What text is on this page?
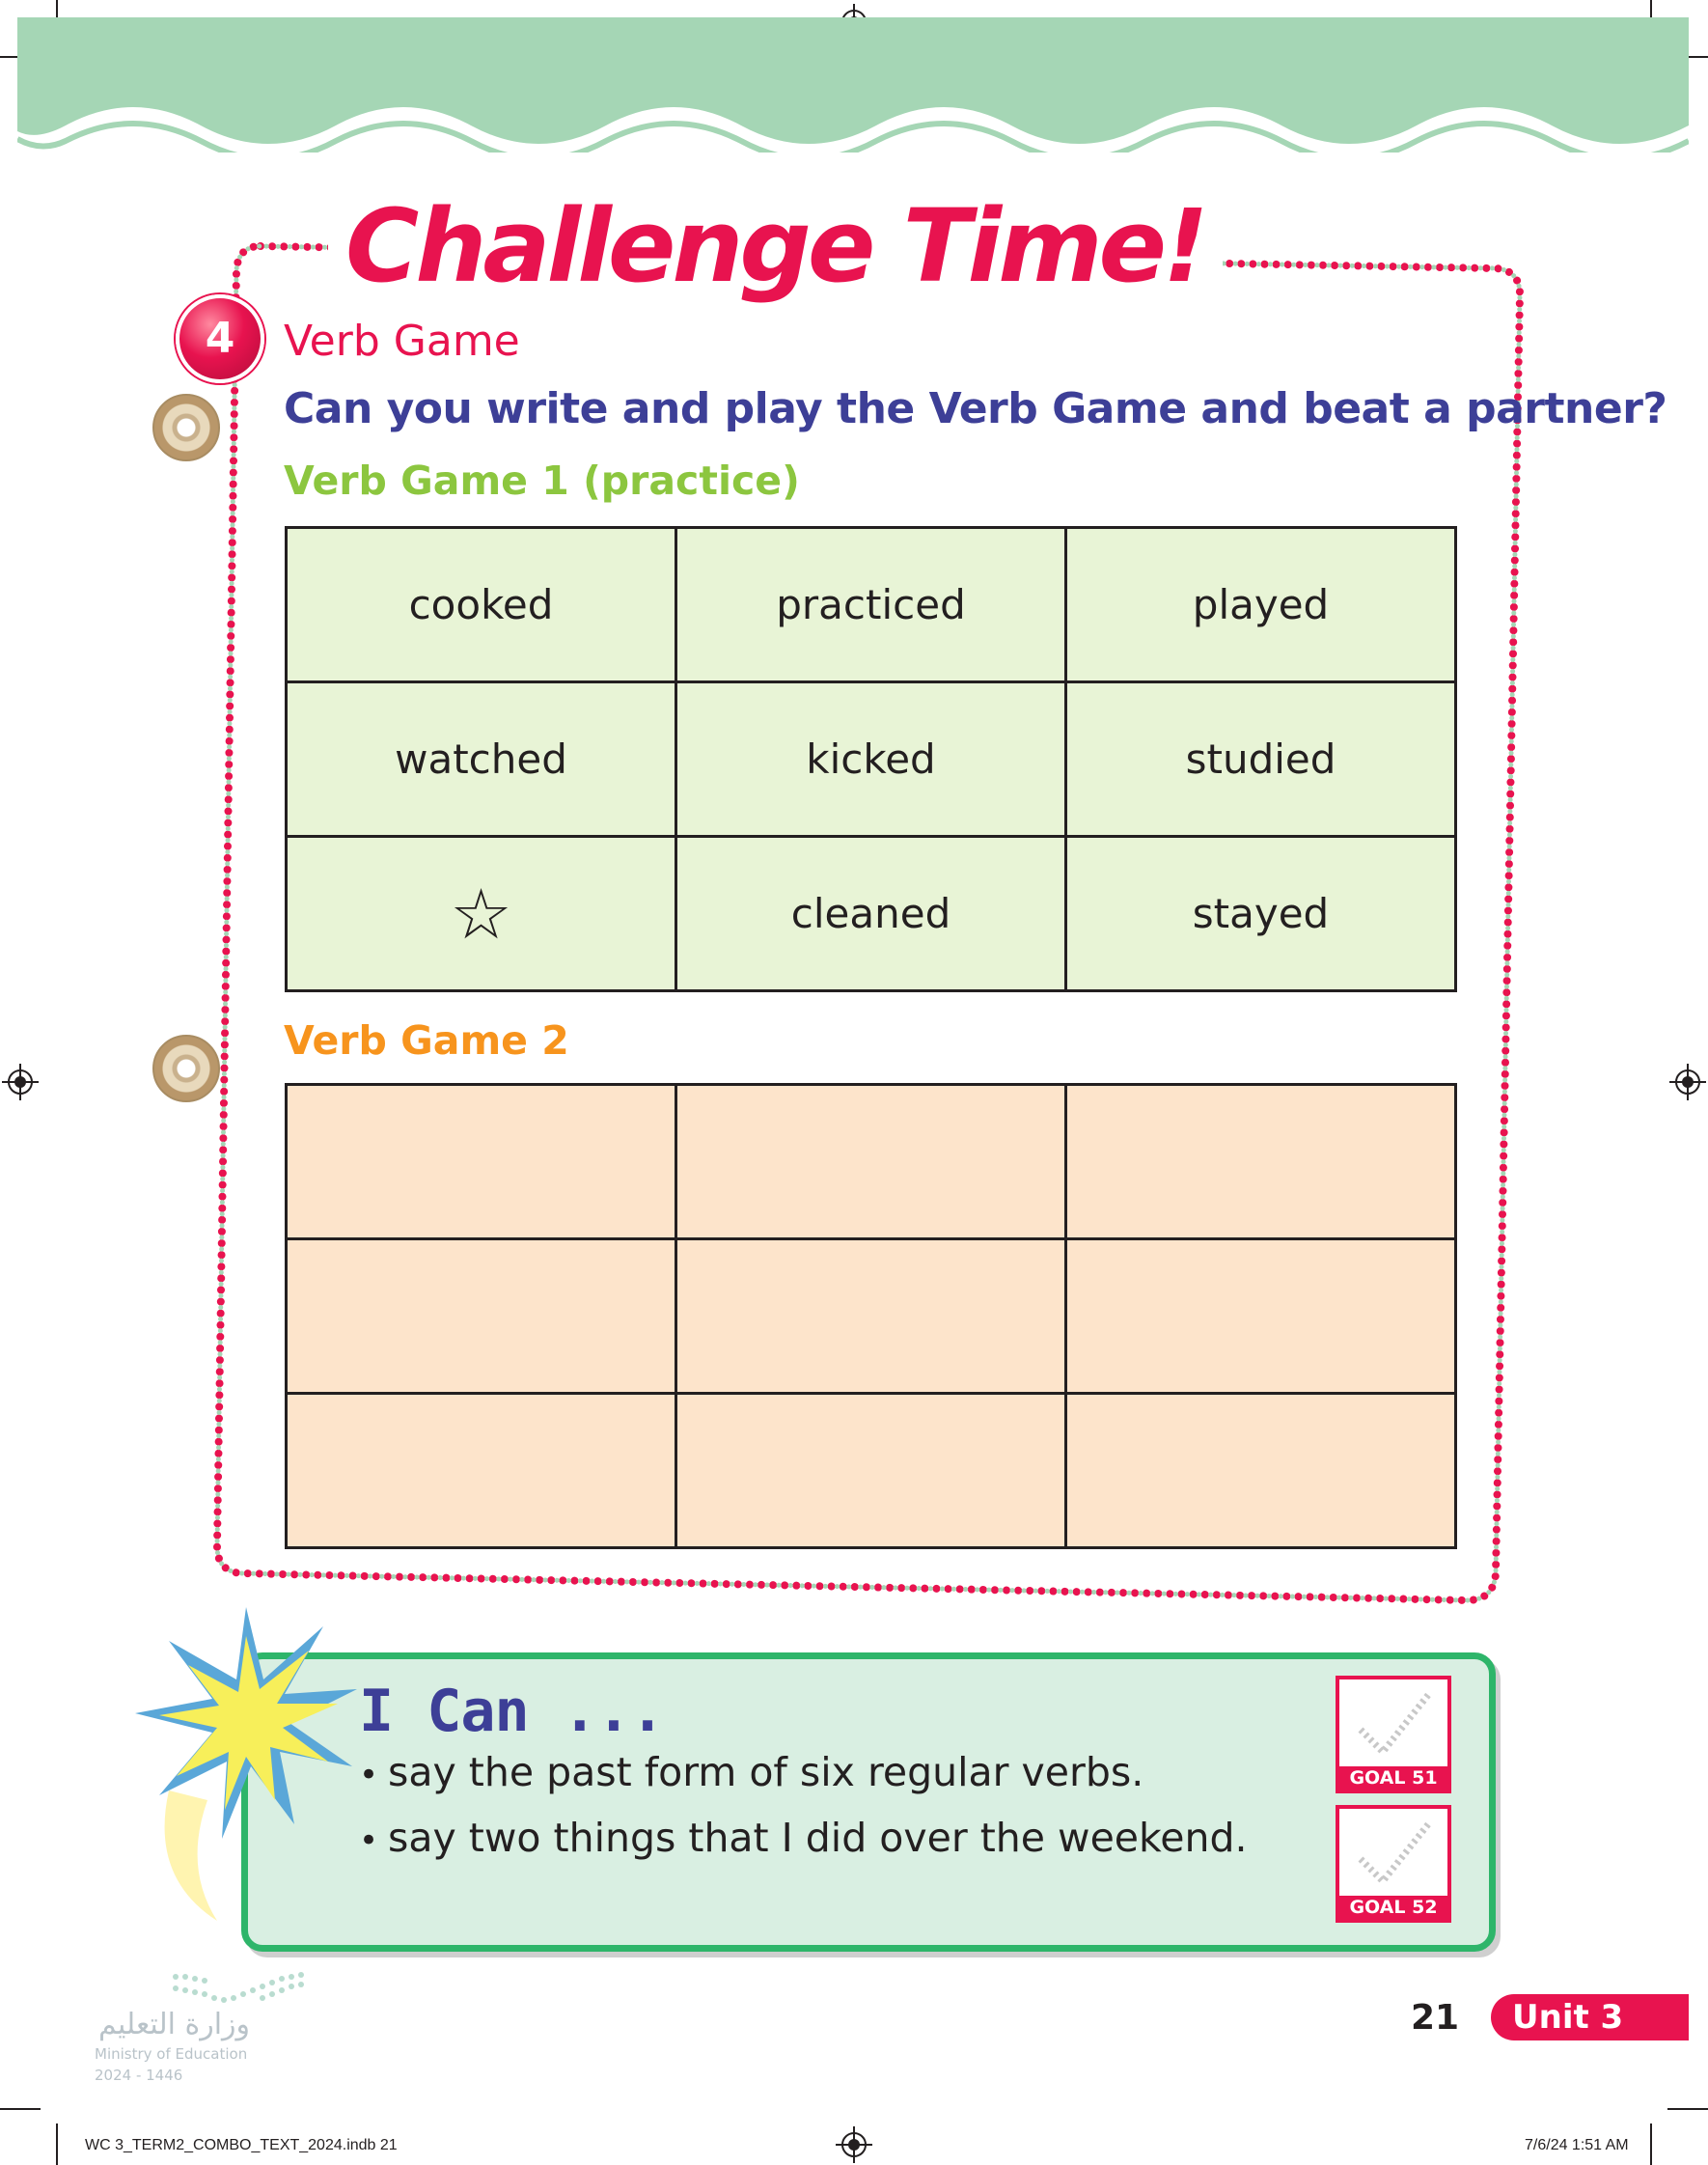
Challenge Time!
4	Verb Game
Can you write and play the Verb Game and beat a partner?
CD2 07	Verb Game 1 (practice)
cooked	practiced	played
watched	kicked	studied
☆	cleaned	stayed
CD2 08
Verb Game 2

I Can ...
• say the past form of six regular verbs.
• say two things that I did over the weekend.
GOAL 51
GOAL 52
وزارة التعليم
Ministry of Education
2024 - 1446
21	Unit 3
WC 3_TERM2_COMBO_TEXT_2024.indb 21	7/6/24 1:51 AM
